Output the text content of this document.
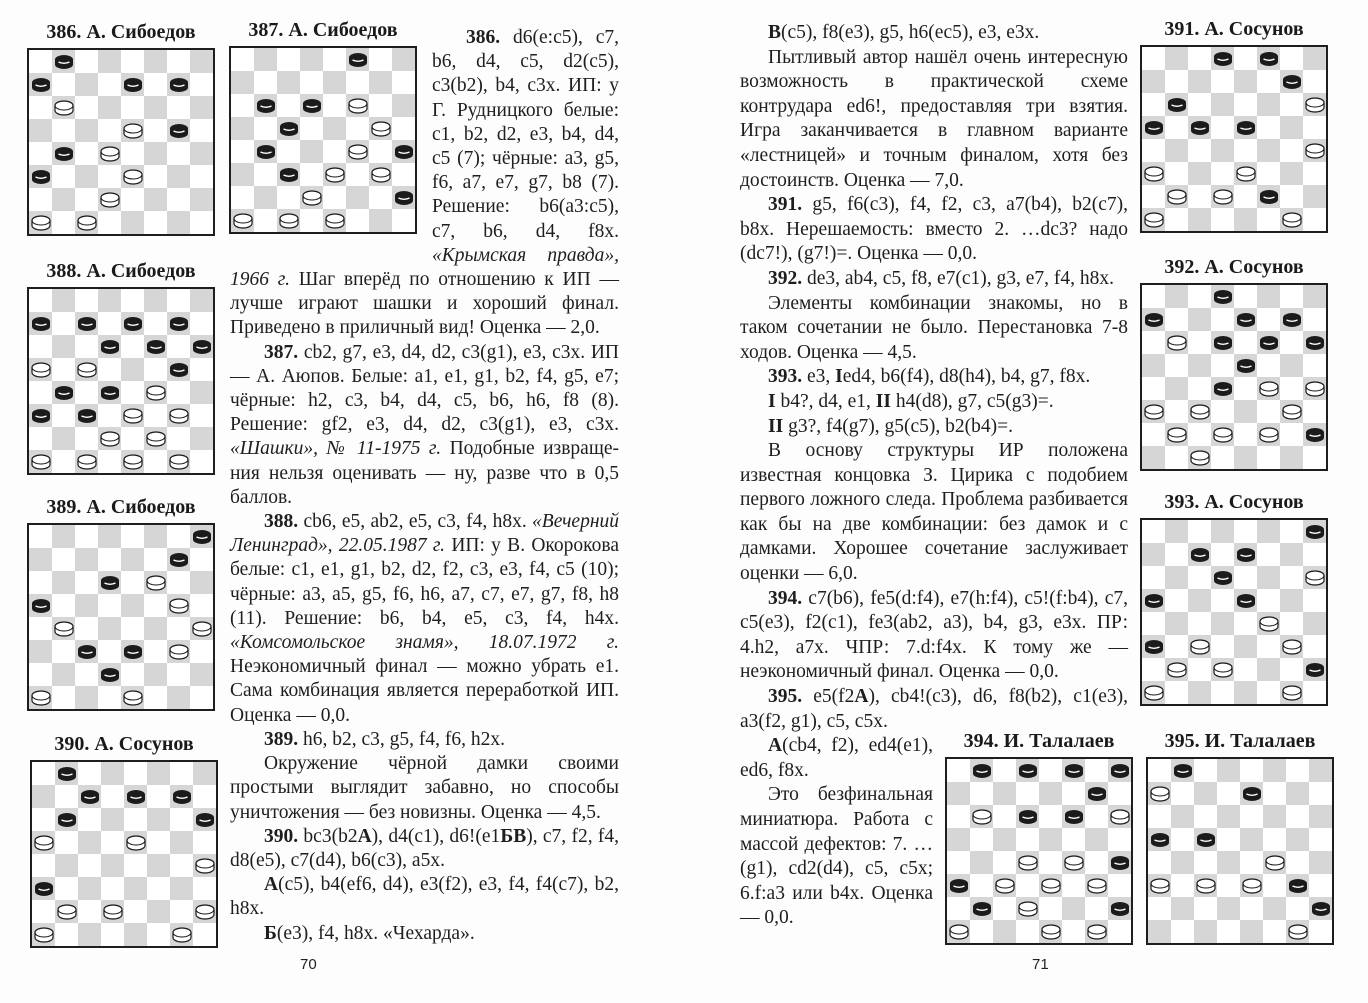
386. А. Сибоедов	387. А. Сибоедов
388. А. Сибоедов
389. А. Сибоедов
390. А. Сосунов

386. d6(e:c5), c7, b6, d4, c5, d2(c5), c3(b2), b4, c3x. ИП: у Г. Рудницкого белые: c1, b2, d2, e3, b4, d4, c5 (7); чёрные: a3, g5, f6, a7, e7, g7, b8 (7). Решение: b6(a3:c5), c7, b6, d4, f8x. «Крымская правда», 1966 г. Шаг вперёд по отношению к ИП — лучше играют шашки и хороший финал. Приведено в приличный вид! Оценка — 2,0.

387. cb2, g7, e3, d4, d2, c3(g1), e3, c3x. ИП — А. Аюпов. Белые: a1, e1, g1, b2, f4, g5, e7; чёрные: h2, c3, b4, d4, c5, b6, h6, f8 (8). Решение: gf2, e3, d4, d2, c3(g1), e3, c3x. «Шашки», № 11-1975 г. Подобные извращения нельзя оценивать — ну, разве что в 0,5 баллов.

388. cb6, e5, ab2, e5, c3, f4, h8x. «Вечерний Ленинград», 22.05.1987 г. ИП: у В. Окорокова белые: c1, e1, g1, b2, d2, f2, c3, e3, f4, c5 (10); чёрные: a3, a5, g5, f6, h6, a7, c7, e7, g7, f8, h8 (11). Решение: b6, b4, e5, c3, f4, h4x. «Комсомольское знамя», 18.07.1972 г. Неэкономичный финал — можно убрать e1. Сама комбинация является переработкой ИП. Оценка — 0,0.

389. h6, b2, c3, g5, f4, f6, h2x.

Окружение чёрной дамки своими простыми выглядит забавно, но способы уничтожения — без новизны. Оценка — 4,5.

390. bc3(b2А), d4(c1), d6!(e1БВ), c7, f2, f4, d8(e5), c7(d4), b6(c3), a5x.

А(c5), b4(ef6, d4), e3(f2), e3, f4, f4(c7), b2, h8x.

Б(e3), f4, h8x. «Чехарда».

70

В(c5), f8(e3), g5, h6(ec5), e3, e3x.

Пытливый автор нашёл очень интересную возможность в практической схеме контрудара ed6!, предоставляя три взятия. Игра заканчивается в главном варианте «лестницей» и точным финалом, хотя без достоинств. Оценка — 7,0.

391. g5, f6(c3), f4, f2, c3, a7(b4), b2(c7), b8x. Нерешаемость: вместо 2. …dc3? надо (dc7!), (g7!)=. Оценка — 0,0.

392. de3, ab4, c5, f8, e7(c1), g3, e7, f4, h8x.

Элементы комбинации знакомы, но в таком сочетании не было. Перестановка 7-8 ходов. Оценка — 4,5.

393. e3, Ied4, b6(f4), d8(h4), b4, g7, f8x.

I b4?, d4, e1, II h4(d8), g7, c5(g3)=.

II g3?, f4(g7), g5(c5), b2(b4)=.

В основу структуры ИР положена известная концовка З. Цирика с подобием первого ложного следа. Проблема разбивается как бы на две комбинации: без дамок и с дамками. Хорошее сочетание заслуживает оценки — 6,0.

394. c7(b6), fe5(d:f4), e7(h:f4), c5!(f:b4), c7, c5(e3), f2(c1), fe3(ab2, a3), b4, g3, e3x. ПР: 4.h2, a7x. ЧПР: 7.d:f4x. К тому же — неэкономичный финал. Оценка — 0,0.

395. e5(f2А), cb4!(c3), d6, f8(b2), c1(e3), a3(f2, g1), c5, c5x.

А(cb4, f2), ed4(e1), ed6, f8x.

Это безфинальная миниатюра. Работа с массой дефектов: 7. …(g1), cd2(d4), c5, c5x; 6.f:a3 или b4x. Оценка — 0,0.

391. А. Сосунов
392. А. Сосунов
393. А. Сосунов
394. И. Талалаев	395. И. Талалаев
71
